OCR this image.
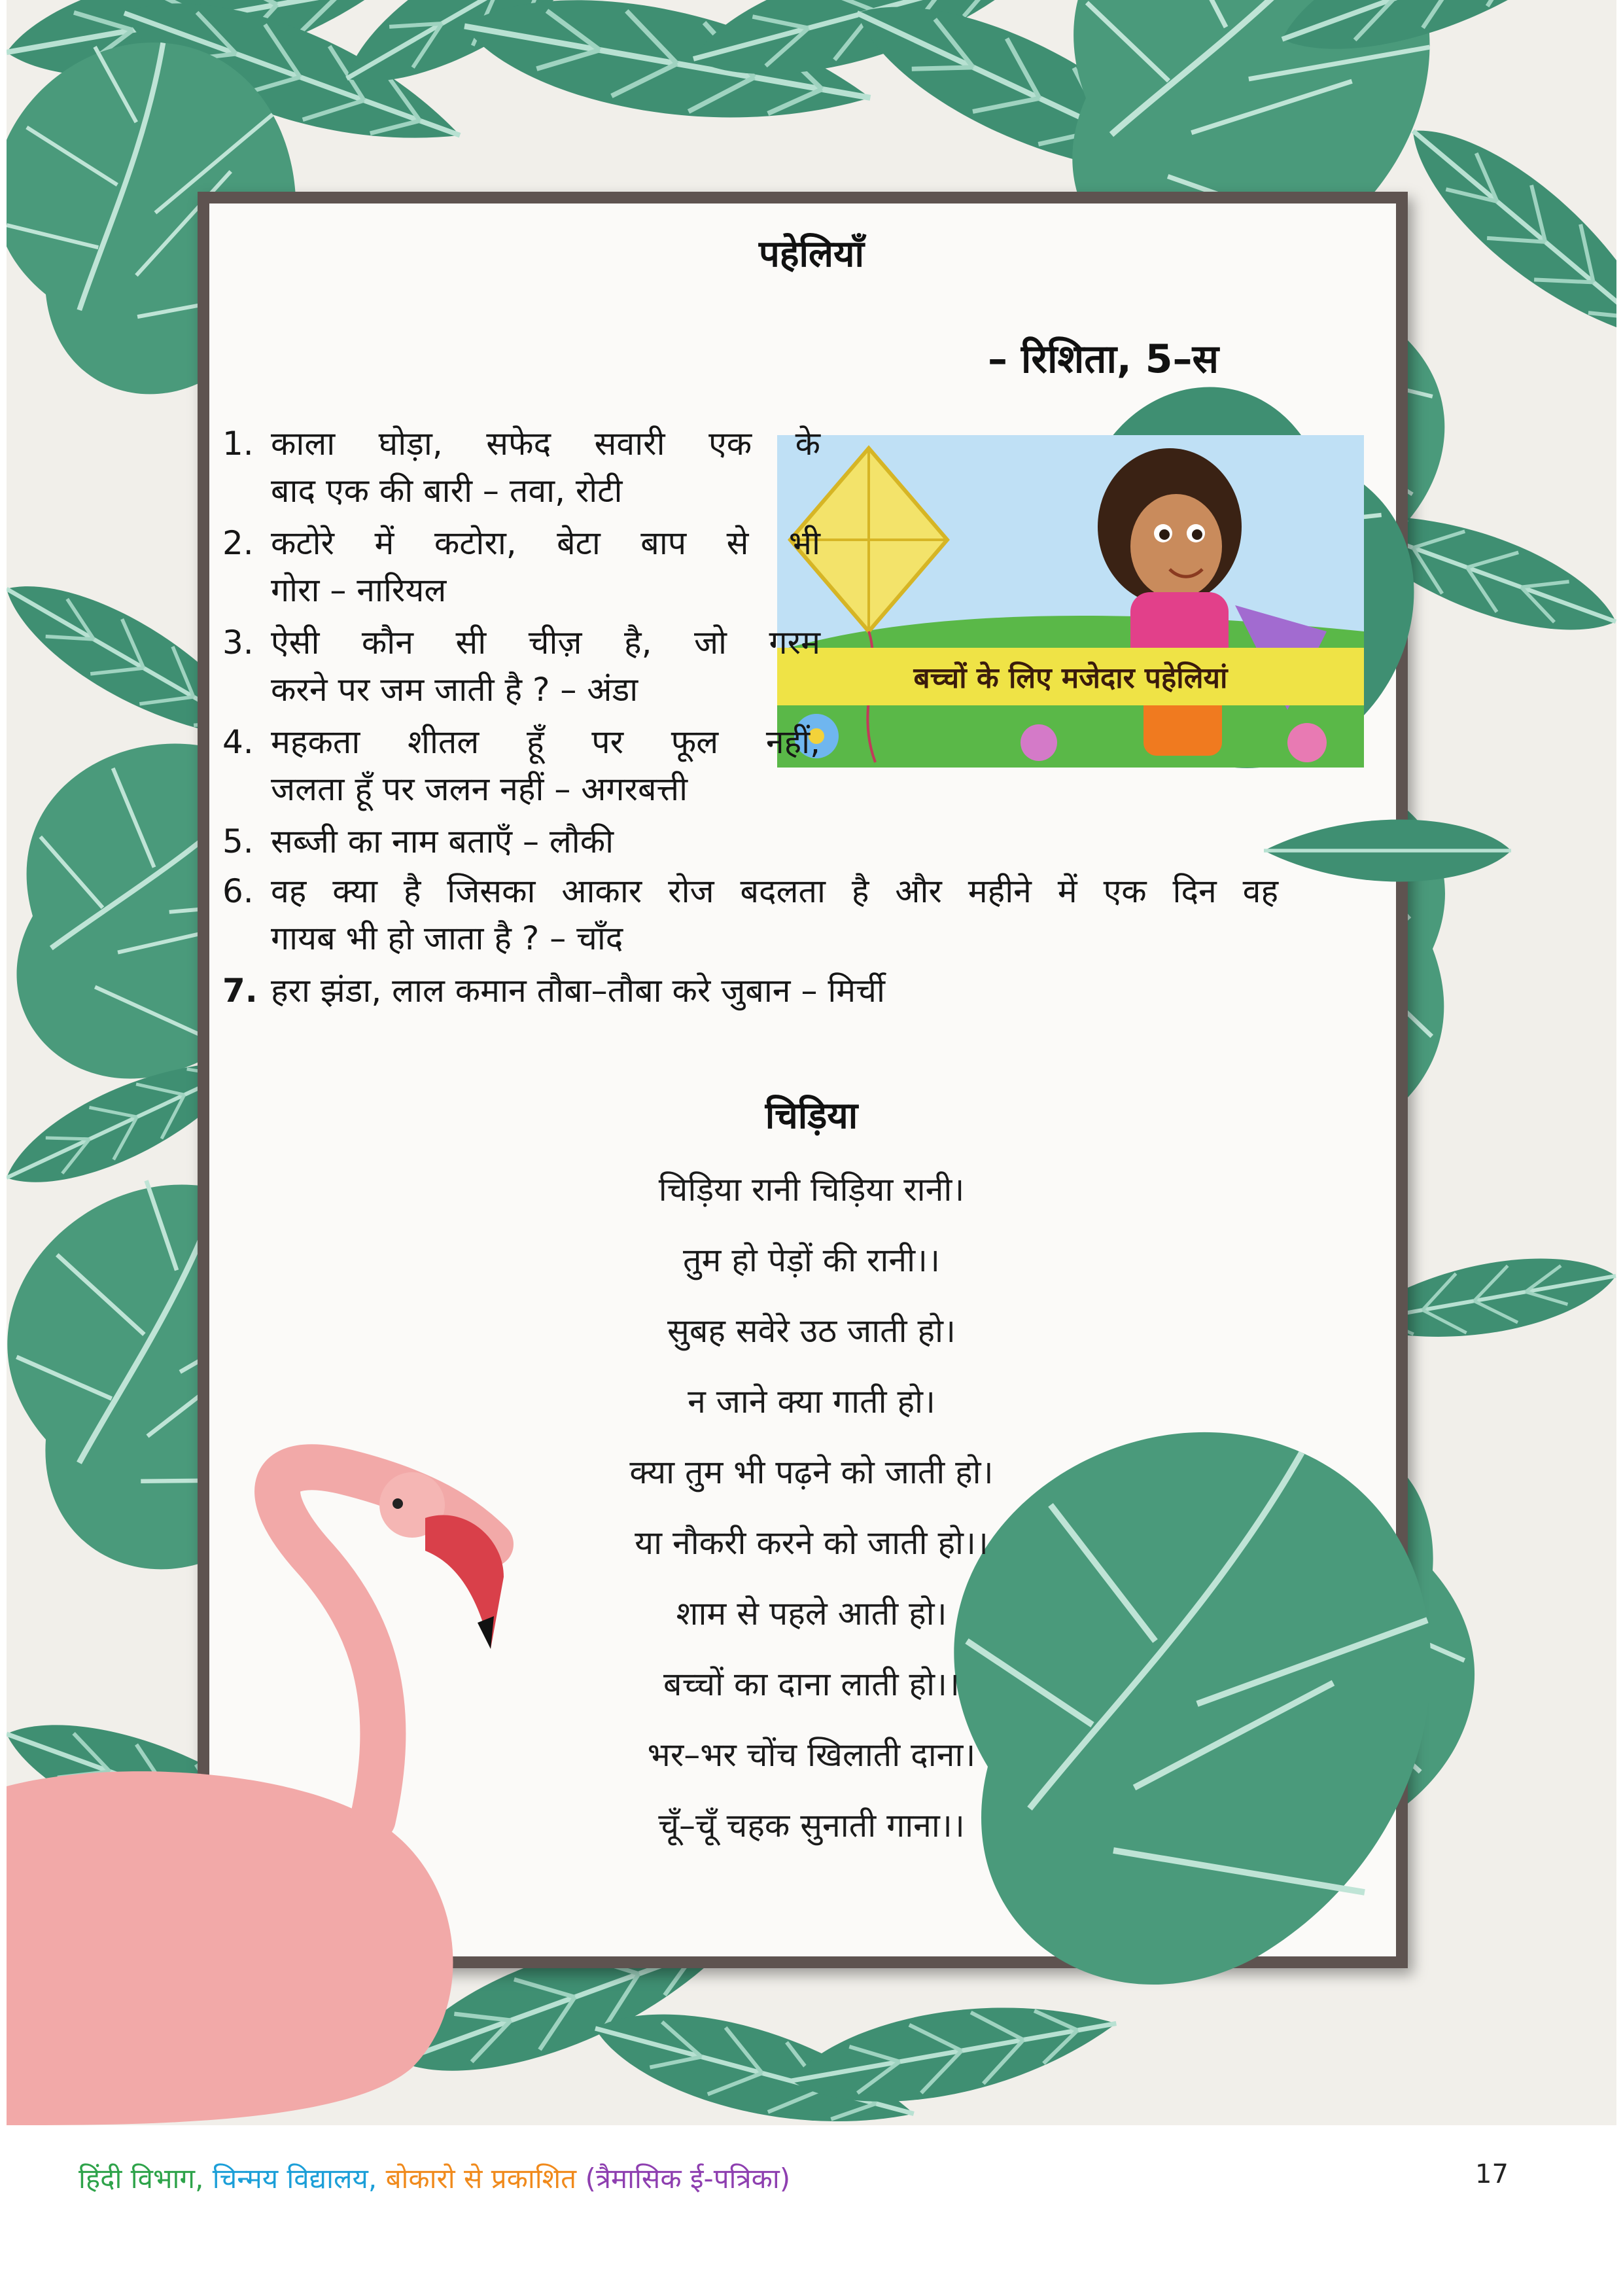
पहेलियाँ
– रिशिता, 5–स
बच्चों के लिए मजेदार पहेलियां
1. काला घोड़ा, सफेद सवारी एक के
बाद एक की बारी – तवा, रोटी
2. कटोरे में कटोरा, बेटा बाप से भी
गोरा – नारियल
3. ऐसी कौन सी चीज़ है, जो गरम
करने पर जम जाती है ? – अंडा
4. महकता शीतल हूँ पर फूल नहीं,
जलता हूँ पर जलन नहीं – अगरबत्ती
5. सब्जी का नाम बताएँ – लौकी
6. वह क्या है जिसका आकार रोज बदलता है और महीने में एक दिन वह
गायब भी हो जाता है ? – चाँद
7. हरा झंडा, लाल कमान तौबा–तौबा करे जुबान – मिर्ची
चिड़िया
चिड़िया रानी चिड़िया रानी।
तुम हो पेड़ों की रानी।।
सुबह सवेरे उठ जाती हो।
न जाने क्या गाती हो।
क्या तुम भी पढ़ने को जाती हो।
या नौकरी करने को जाती हो।।
शाम से पहले आती हो।
बच्चों का दाना लाती हो।।
भर–भर चोंच खिलाती दाना।
चूँ–चूँ चहक सुनाती गाना।।
हिंदी विभाग, चिन्मय विद्यालय, बोकारो से प्रकाशित (त्रैमासिक ई-पत्रिका)	17
